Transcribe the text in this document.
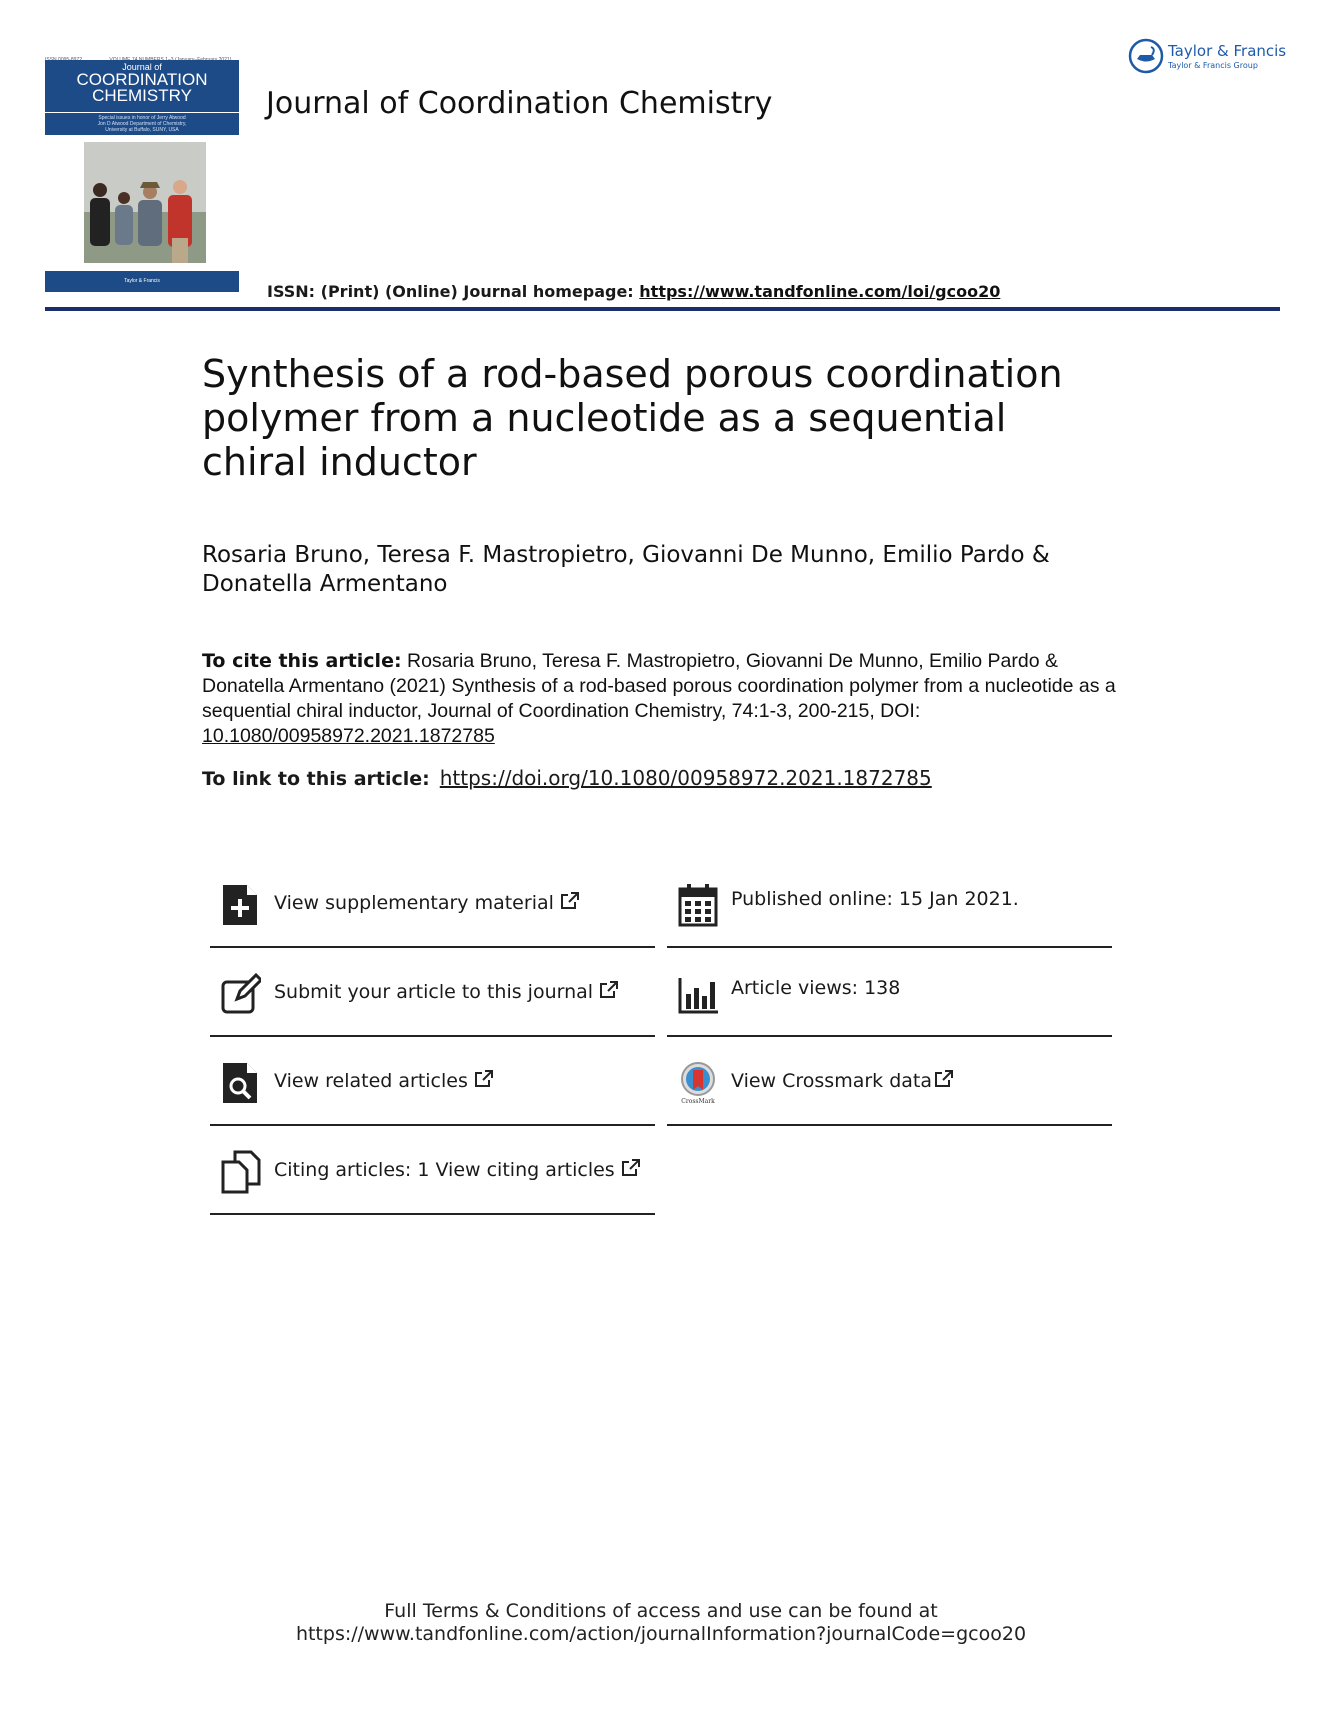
Journal of
COORDINATION
CHEMISTRY
Special issues in honor of Jerry Atwood
Jon D Atwood Department of Chemistry,
University at Buffalo, SUNY, USA
Taylor & Francis
Journal of Coordination Chemistry
Taylor & Francis
Taylor & Francis Group
ISSN: (Print) (Online) Journal homepage: https://www.tandfonline.com/loi/gcoo20
Synthesis of a rod-based porous coordination polymer from a nucleotide as a sequential chiral inductor
Rosaria Bruno, Teresa F. Mastropietro, Giovanni De Munno, Emilio Pardo & Donatella Armentano
To cite this article: Rosaria Bruno, Teresa F. Mastropietro, Giovanni De Munno, Emilio Pardo & Donatella Armentano (2021) Synthesis of a rod-based porous coordination polymer from a nucleotide as a sequential chiral inductor, Journal of Coordination Chemistry, 74:1-3, 200-215, DOI: 10.1080/00958972.2021.1872785
To link to this article: https://doi.org/10.1080/00958972.2021.1872785
View supplementary material	Published online: 15 Jan 2021.
Submit your article to this journal	Article views: 138
View related articles
CrossMark
View Crossmark data
Citing articles: 1 View citing articles
Full Terms & Conditions of access and use can be found at
https://www.tandfonline.com/action/journalInformation?journalCode=gcoo20
